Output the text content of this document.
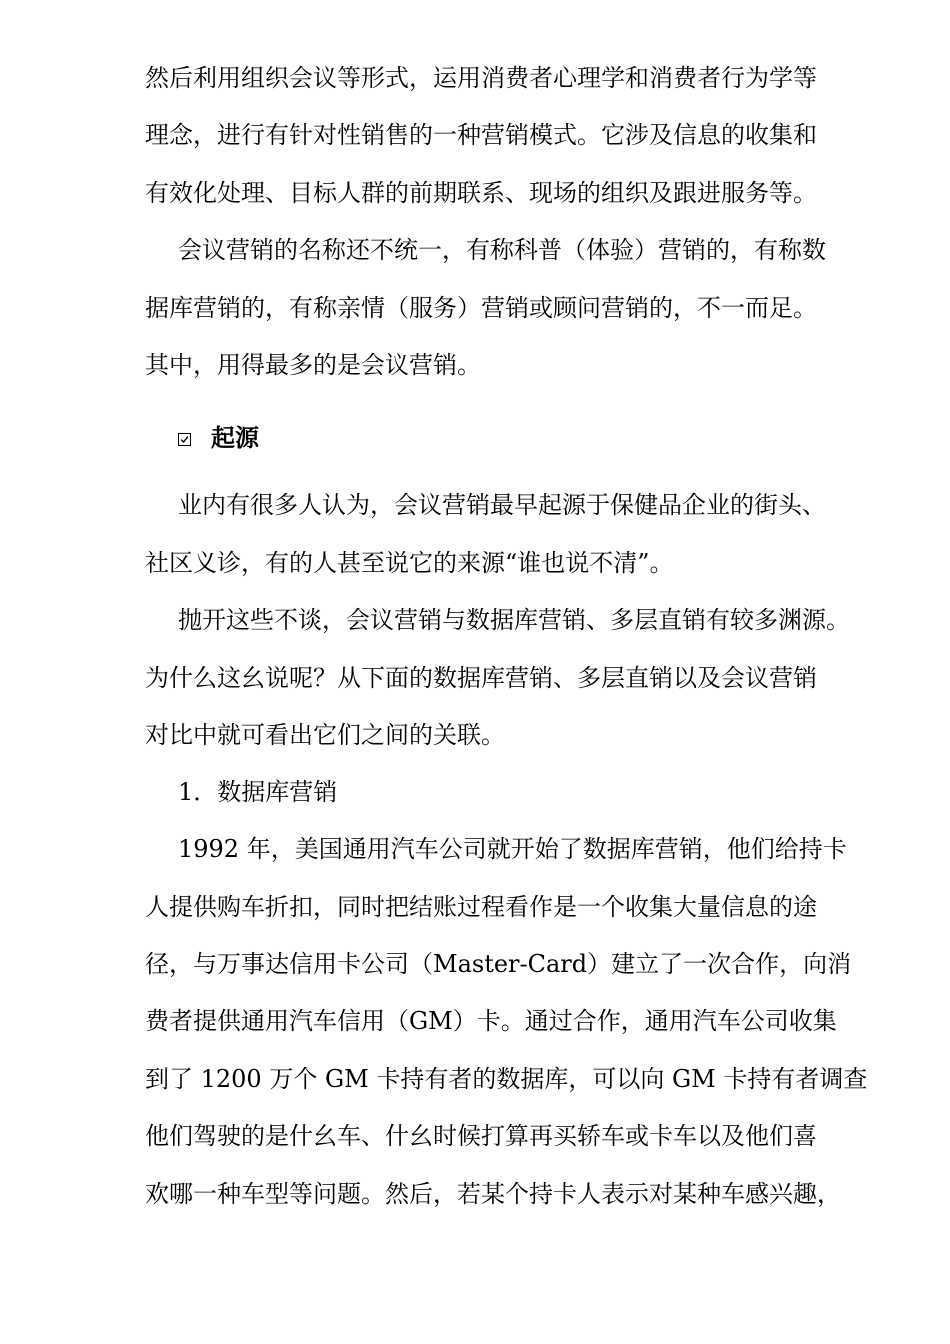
然后利用组织会议等形式，运用消费者心理学和消费者行为学等
理念，进行有针对性销售的一种营销模式。它涉及信息的收集和
有效化处理、目标人群的前期联系、现场的组织及跟进服务等。
会议营销的名称还不统一，有称科普（体验）营销的，有称数
据库营销的，有称亲情（服务）营销或顾问营销的，不一而足。
其中，用得最多的是会议营销。
起源
业内有很多人认为，会议营销最早起源于保健品企业的街头、
社区义诊，有的人甚至说它的来源“谁也说不清”。
抛开这些不谈，会议营销与数据库营销、多层直销有较多渊源。
为什么这幺说呢？从下面的数据库营销、多层直销以及会议营销
对比中就可看出它们之间的关联。
1．数据库营销
1992 年，美国通用汽车公司就开始了数据库营销，他们给持卡
人提供购车折扣，同时把结账过程看作是一个收集大量信息的途
径，与万事达信用卡公司（Master-Card）建立了一次合作，向消
费者提供通用汽车信用（GM）卡。通过合作，通用汽车公司收集
到了 1200 万个 GM 卡持有者的数据库，可以向 GM 卡持有者调查
他们驾驶的是什幺车、什幺时候打算再买轿车或卡车以及他们喜
欢哪一种车型等问题。然后，若某个持卡人表示对某种车感兴趣，
